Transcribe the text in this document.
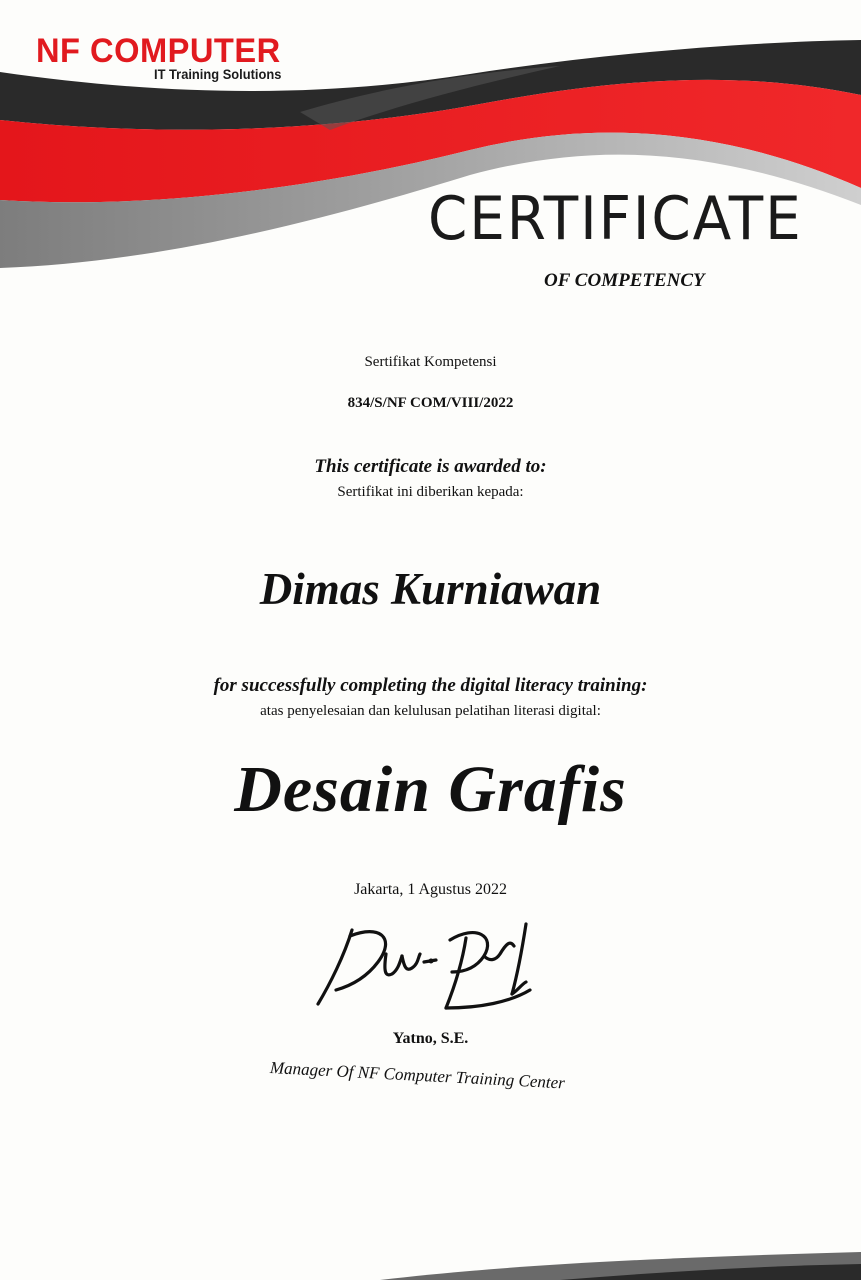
NF COMPUTER
IT Training Solutions
CERTIFICATE
OF COMPETENCY
Sertifikat Kompetensi
834/S/NF COM/VIII/2022
This certificate is awarded to:
Sertifikat ini diberikan kepada:
Dimas Kurniawan
for successfully completing the digital literacy training:
atas penyelesaian dan kelulusan pelatihan literasi digital:
Desain Grafis
Jakarta, 1 Agustus 2022
Yatno, S.E.
Manager Of NF Computer Training Center
